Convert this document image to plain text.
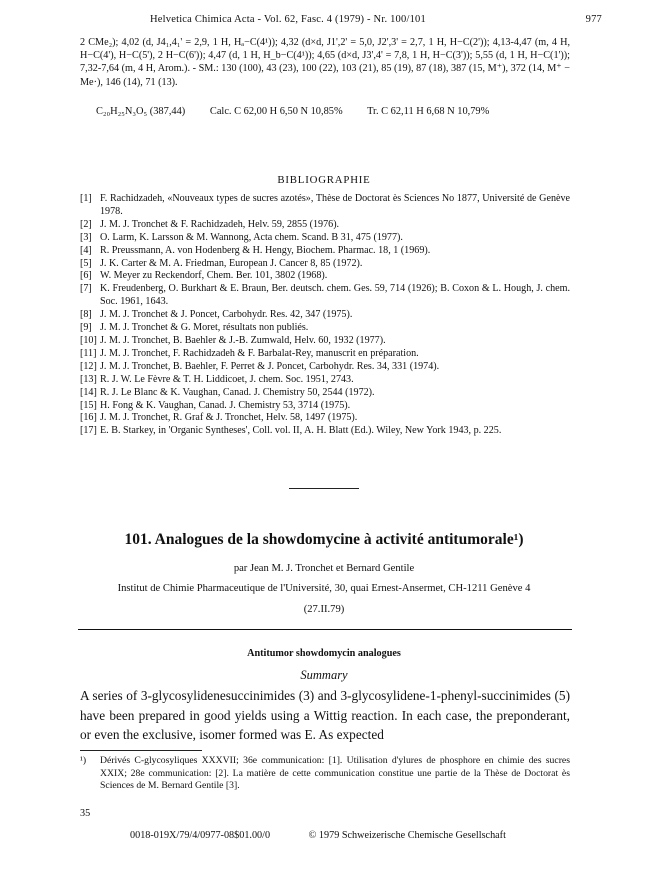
Helvetica Chimica Acta - Vol. 62, Fasc. 4 (1979) - Nr. 100/101	977
2 CMe₂); 4,02 (d, J4₁,4₁' = 2,9, 1 H, Hₐ−C(4¹)); 4,32 (d×d, J1',2' = 5,0, J2',3' = 2,7, 1 H, H−C(2')); 4,13-4,47 (m, 4 H, H−C(4'), H−C(5'), 2 H−C(6')); 4,47 (d, 1 H, H_b−C(4¹)); 4,65 (d×d, J3',4' = 7,8, 1 H, H−C(3')); 5,55 (d, 1 H, H−C(1')); 7,32-7,64 (m, 4 H, Arom.). - SM.: 130 (100), 43 (23), 100 (22), 103 (21), 85 (19), 87 (18), 387 (15, M⁺), 372 (14, M⁺ − Me·), 146 (14), 71 (13).
C₂₀H₂₅N₃O₅ (387,44) Calc. C 62,00 H 6,50 N 10,85% Tr. C 62,11 H 6,68 N 10,79%
BIBLIOGRAPHIE
[1] F. Rachidzadeh, «Nouveaux types de sucres azotés», Thèse de Doctorat ès Sciences No 1877, Université de Genève 1978.
[2] J. M. J. Tronchet & F. Rachidzadeh, Helv. 59, 2855 (1976).
[3] O. Larm, K. Larsson & M. Wannong, Acta chem. Scand. B 31, 475 (1977).
[4] R. Preussmann, A. von Hodenberg & H. Hengy, Biochem. Pharmac. 18, 1 (1969).
[5] J. K. Carter & M. A. Friedman, European J. Cancer 8, 85 (1972).
[6] W. Meyer zu Reckendorf, Chem. Ber. 101, 3802 (1968).
[7] K. Freudenberg, O. Burkhart & E. Braun, Ber. deutsch. chem. Ges. 59, 714 (1926); B. Coxon & L. Hough, J. chem. Soc. 1961, 1643.
[8] J. M. J. Tronchet & J. Poncet, Carbohydr. Res. 42, 347 (1975).
[9] J. M. J. Tronchet & G. Moret, résultats non publiés.
[10] J. M. J. Tronchet, B. Baehler & J.-B. Zumwald, Helv. 60, 1932 (1977).
[11] J. M. J. Tronchet, F. Rachidzadeh & F. Barbalat-Rey, manuscrit en préparation.
[12] J. M. J. Tronchet, B. Baehler, F. Perret & J. Poncet, Carbohydr. Res. 34, 331 (1974).
[13] R. J. W. Le Fèvre & T. H. Liddicoet, J. chem. Soc. 1951, 2743.
[14] R. J. Le Blanc & K. Vaughan, Canad. J. Chemistry 50, 2544 (1972).
[15] H. Fong & K. Vaughan, Canad. J. Chemistry 53, 3714 (1975).
[16] J. M. J. Tronchet, R. Graf & J. Tronchet, Helv. 58, 1497 (1975).
[17] E. B. Starkey, in 'Organic Syntheses', Coll. vol. II, A. H. Blatt (Ed.). Wiley, New York 1943, p. 225.
101. Analogues de la showdomycine à activité antitumorale¹)
par Jean M. J. Tronchet et Bernard Gentile
Institut de Chimie Pharmaceutique de l'Université, 30, quai Ernest-Ansermet, CH-1211 Genève 4
(27.II.79)
Antitumor showdomycin analogues
Summary
A series of 3-glycosylidenesuccinimides (3) and 3-glycosylidene-1-phenyl-succinimides (5) have been prepared in good yields using a Wittig reaction. In each case, the preponderant, or even the exclusive, isomer formed was E. As expected
¹)	Dérivés C-glycosyliques XXXVII; 36e communication: [1]. Utilisation d'ylures de phosphore en chimie des sucres XXIX; 28e communication: [2]. La matière de cette communication constitue une partie de la Thèse de Doctorat ès Sciences de M. Bernard Gentile [3].
35
0018-019X/79/4/0977-08$01.00/0	© 1979 Schweizerische Chemische Gesellschaft
